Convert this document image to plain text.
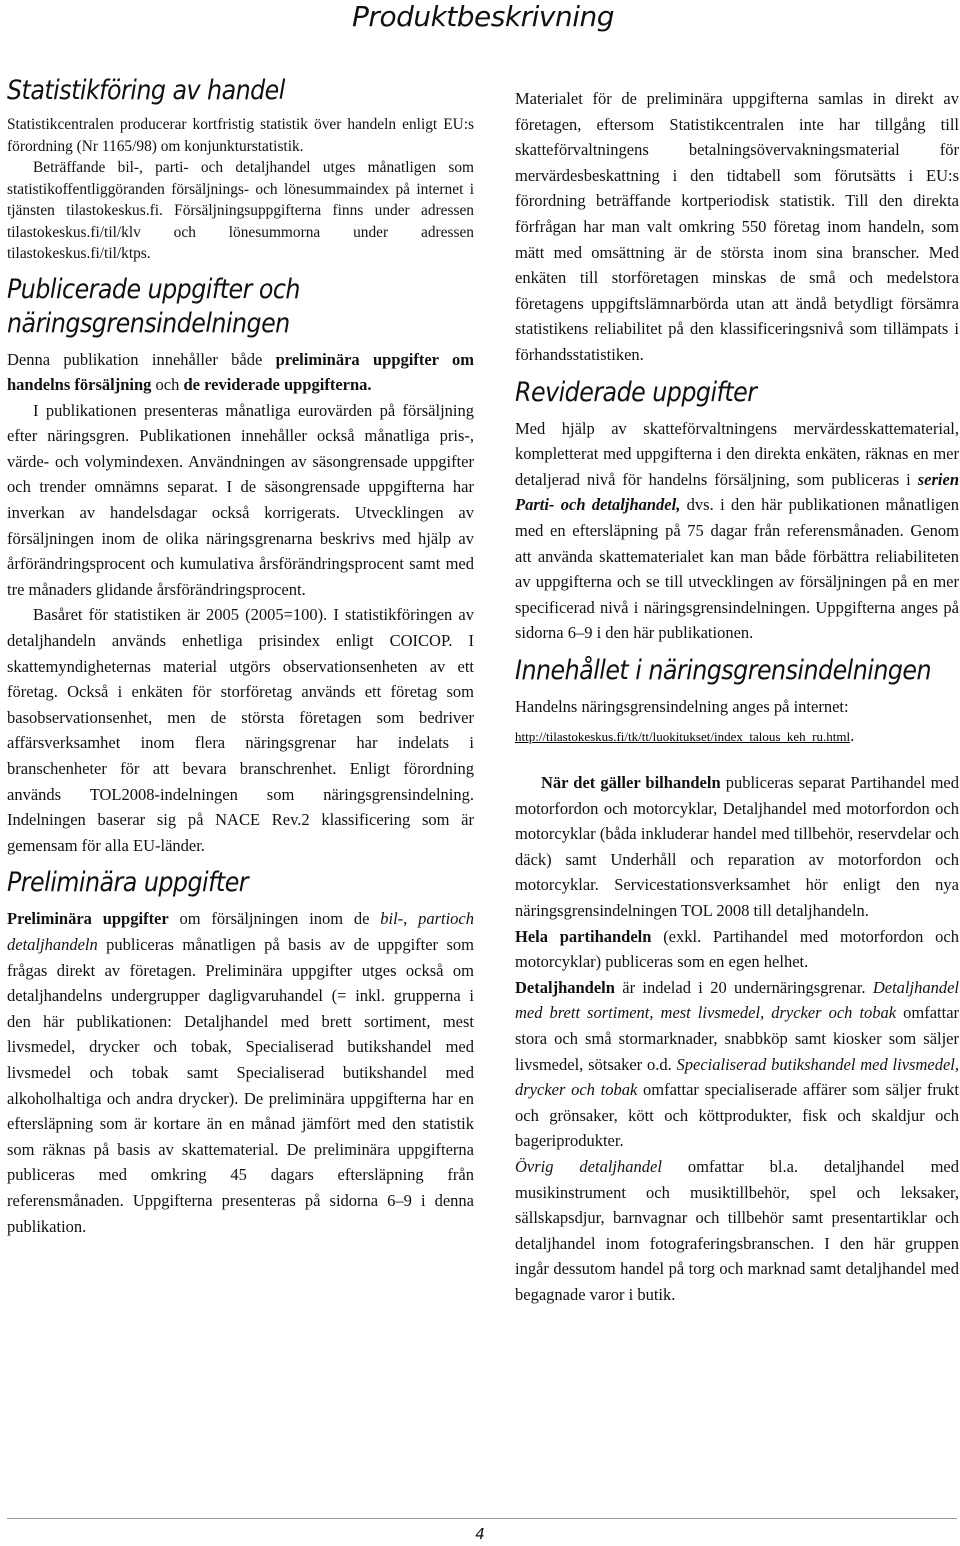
Produktbeskrivning
Statistikföring av handel

Statistikcentralen producerar kortfristig statistik över handeln enligt EU:s förordning (Nr 1165/98) om konjunkturstatistik.

Beträffande bil-, parti- och detaljhandel utges månatligen som statistikoffentliggöranden försäljnings- och lönesummaindex på internet i tjänsten tilastokeskus.fi. Försäljningsuppgifterna finns under adressen tilastokeskus.fi/til/klv och lönesummorna under adressen tilastokeskus.fi/til/ktps.

Publicerade uppgifter och näringsgrensindelningen

Denna publikation innehåller både preliminära uppgifter om handelns försäljning och de reviderade uppgifterna.

I publikationen presenteras månatliga eurovärden på försäljning efter näringsgren. Publikationen innehåller också månatliga pris-, värde- och volymindexen. Användningen av säsongrensade uppgifter och trender omnämns separat. I de säsongrensade uppgifterna har inverkan av handelsdagar också korrigerats. Utvecklingen av försäljningen inom de olika näringsgrenarna beskrivs med hjälp av årförändringsprocent och kumulativa årsförändringsprocent samt med tre månaders glidande årsförändringsprocent.

Basåret för statistiken är 2005 (2005=100). I statistikföringen av detaljhandeln används enhetliga prisindex enligt COICOP. I skattemyndigheternas material utgörs observationsenheten av ett företag. Också i enkäten för storföretag används ett företag som basobservationsenhet, men de största företagen som bedriver affärsverksamhet inom flera näringsgrenar har indelats i branschenheter för att bevara branschrenhet. Enligt förordning används TOL2008-indelningen som näringsgrensindelning. Indelningen baserar sig på NACE Rev.2 klassificering som är gemensam för alla EU-länder.

Preliminära uppgifter

Preliminära uppgifter om försäljningen inom de bil-, partioch detaljhandeln publiceras månatligen på basis av de uppgifter som frågas direkt av företagen. Preliminära uppgifter utges också om detaljhandelns undergrupper dagligvaruhandel (= inkl. grupperna i den här publikationen: Detaljhandel med brett sortiment, mest livsmedel, drycker och tobak, Specialiserad butikshandel med livsmedel och tobak samt Specialiserad butikshandel med alkoholhaltiga och andra drycker). De preliminära uppgifterna har en eftersläpning som är kortare än en månad jämfört med den statistik som räknas på basis av skattematerial. De preliminära uppgifterna publiceras med omkring 45 dagars eftersläpning från referensmånaden. Uppgifterna presenteras på sidorna 6–9 i denna publikation.

Materialet för de preliminära uppgifterna samlas in direkt av företagen, eftersom Statistikcentralen inte har tillgång till skatteförvaltningens betalningsövervakningsmaterial för mervärdesbeskattning i den tidtabell som förutsätts i EU:s förordning beträffande kortperiodisk statistik. Till den direkta förfrågan har man valt omkring 550 företag inom handeln, som mätt med omsättning är de största inom sina branscher. Med enkäten till storföretagen minskas de små och medelstora företagens uppgiftslämnarbörda utan att ändå betydligt försämra statistikens reliabilitet på den klassificeringsnivå som tillämpats i förhandsstatistiken.

Reviderade uppgifter

Med hjälp av skatteförvaltningens mervärdesskattematerial, kompletterat med uppgifterna i den direkta enkäten, räknas en mer detaljerad nivå för handelns försäljning, som publiceras i serien Parti- och detaljhandel, dvs. i den här publikationen månatligen med en eftersläpning på 75 dagar från referensmånaden. Genom att använda skattematerialet kan man både förbättra reliabiliteten av uppgifterna och se till utvecklingen av försäljningen på en mer specificerad nivå i näringsgrensindelningen. Uppgifterna anges på sidorna 6–9 i den här publikationen.

Innehållet i näringsgrensindelningen

Handelns näringsgrensindelning anges på internet:

http://tilastokeskus.fi/tk/tt/luokitukset/index_talous_keh_ru.html.

När det gäller bilhandeln publiceras separat Partihandel med motorfordon och motorcyklar, Detaljhandel med motorfordon och motorcyklar (båda inkluderar handel med tillbehör, reservdelar och däck) samt Underhåll och reparation av motorfordon och motorcyklar. Servicestationsverksamhet hör enligt den nya näringsgrensindelningen TOL 2008 till detaljhandeln.

Hela partihandeln (exkl. Partihandel med motorfordon och motorcyklar) publiceras som en egen helhet.

Detaljhandeln är indelad i 20 undernäringsgrenar. Detaljhandel med brett sortiment, mest livsmedel, drycker och tobak omfattar stora och små stormarknader, snabbköp samt kiosker som säljer livsmedel, sötsaker o.d. Specialiserad butikshandel med livsmedel, drycker och tobak omfattar specialiserade affärer som säljer frukt och grönsaker, kött och köttprodukter, fisk och skaldjur och bageriprodukter.

Övrig detaljhandel omfattar bl.a. detaljhandel med musikinstrument och musiktillbehör, spel och leksaker, sällskapsdjur, barnvagnar och tillbehör samt presentartiklar och detaljhandel inom fotograferingsbranschen. I den här gruppen ingår dessutom handel på torg och marknad samt detaljhandel med begagnade varor i butik.

4
